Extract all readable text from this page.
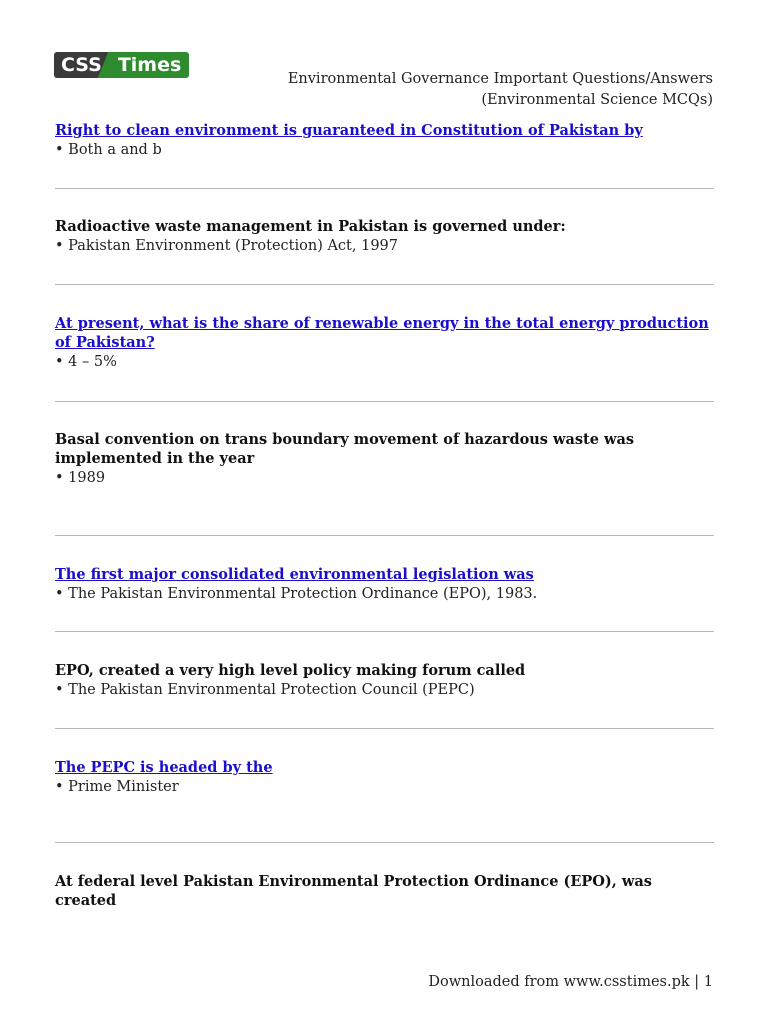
CSS Times
Environmental Governance Important Questions/Answers
(Environmental Science MCQs)

Right to clean environment is guaranteed in Constitution of Pakistan by

• Both a and b

Radioactive waste management in Pakistan is governed under:

• Pakistan Environment (Protection) Act, 1997

At present, what is the share of renewable energy in the total energy production of Pakistan?

• 4 – 5%

Basal convention on trans boundary movement of hazardous waste was implemented in the year

• 1989

The first major consolidated environmental legislation was

• The Pakistan Environmental Protection Ordinance (EPO), 1983.

EPO, created a very high level policy making forum called

• The Pakistan Environmental Protection Council (PEPC)

The PEPC is headed by the

• Prime Minister

At federal level Pakistan Environmental Protection Ordinance (EPO), was created

Downloaded from www.csstimes.pk | 1
